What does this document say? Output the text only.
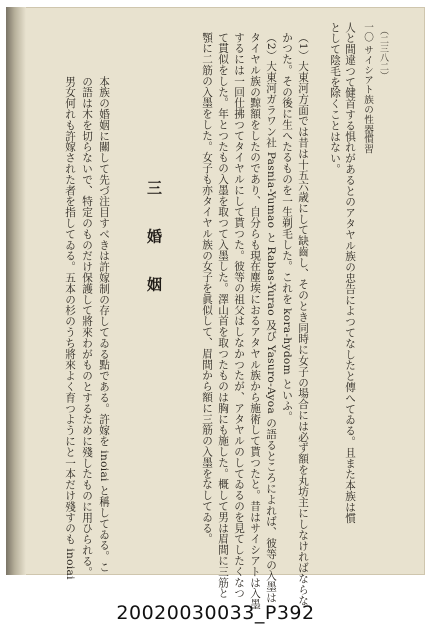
一〇 サイシアト族の性器慣習 （二三八二）
人と間違つて健首する惧れがあるとのアタヤル族の忠告によつてなしたと傳へてゐる。且また本族は慣
として陰毛を除くことはない。
（1）大東河方面では昔は十五六歳にして缺齒し、そのとき同時に女子の場合には必ず額を丸坊主にしなければならな
かつた。その後に生へたるものを一生剃毛した。これを kora-hydom といふ。
（2）大東河ガラワン社 Pasnia-Yumao と Rabas-Yurao 及び Yasuro-Ayoa の語るところによれば、彼等の入墨は
タイヤル族の黥額をしたのであり、自分らも現在塵埃におるアタヤル族から施術して貰つたと。昔はサイシアトは入墨
するには一回仕拂つてタイヤルにして貰つた。彼等の祖父はしなかつたが、アタヤルのしてゐるのを見てしたくなつ
て貫似をした。年とつたもの入墨を取つて入墨した。澤山首を取つたものは胸にも施した。概して男は眉間に三筋と
顎に二筋の入墨をした。女子も亦タイヤル族の女子を眞似して、眉間から額に三筋の入墨をなしてゐる。
三 婚 姻
本族の婚姻に關して先づ注目すべきは許嫁制の存してゐる點である。許嫁を inoiai と稱してゐる。こ
の語は木を切らないで、特定のものだけ保護して將來わがものとするために殘したものに用ひられる。
男女何れも許嫁された者を指してゐる。五本の杉のうち將來よく育つようにと一本だけ殘すのも inoiai
20020030033_P392
